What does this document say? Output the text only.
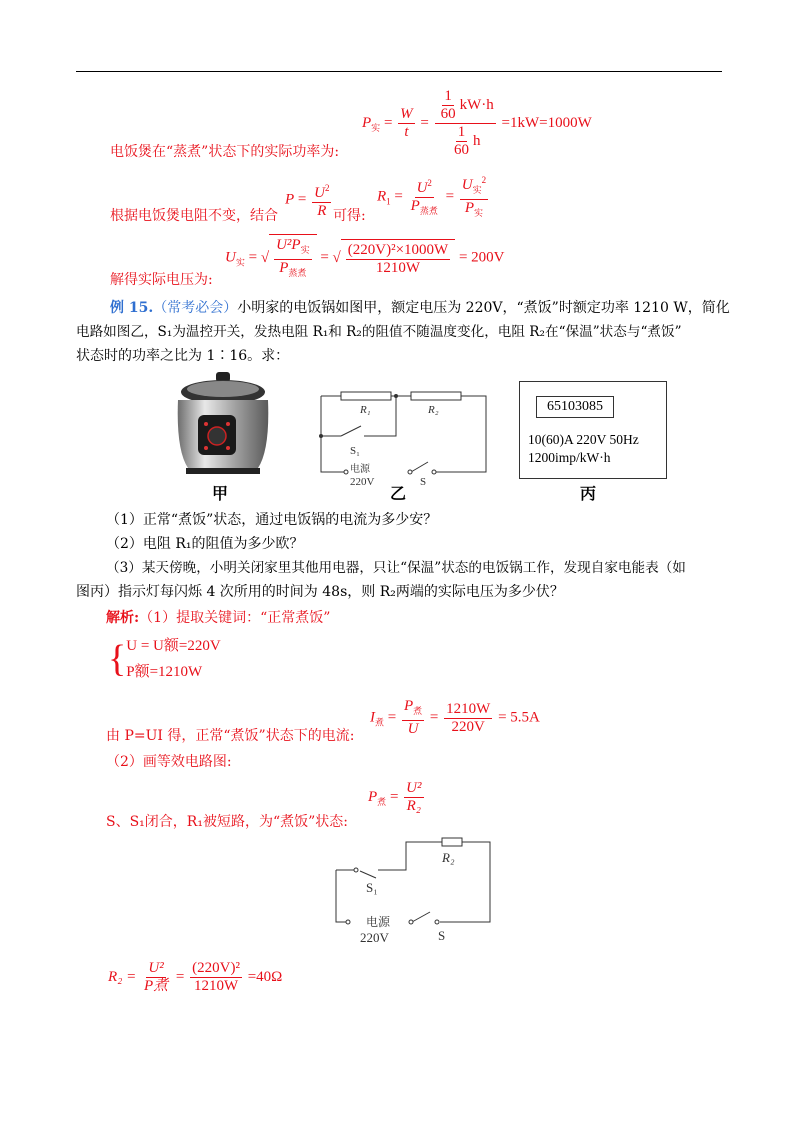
$P_实 = \frac{W}{t} = \frac{\frac{1}{60} kW\cdot h}{\frac{1}{60} h} =1kW=1000W$
电饭煲在“蒸煮”状态下的实际功率为:
根据电饭煲电阻不变，结合
$P = \frac{U^2}{R}$ 可得:
$R_1 = \frac{U^2}{P_{蒸煮}} = \frac{U_实^2}{P_实}$
$U_实$ = √ $\frac{U^2P_实}{P_{蒸煮}}$ = √ $\frac{\text{(220V)²×1000W}}{1210W} = 200V$
解得实际电压为:
例 15.（常考必会）小明家的电饭锅如图甲，额定电压为 220V，“煮饭”时额定功率 1210 W，简化
电路如图乙，S₁为温控开关，发热电阻 R₁和 R₂的阻值不随温度变化，电阻 R₂在“保温”状态与“煮饭”
状态时的功率之比为 1∶16。求：
甲
R₁	R₂
S₁
电源
220V	S
乙
65103085
10(60)A 220V 50Hz
1200imp/kW·h
丙
（1）正常“煮饭”状态，通过电饭锅的电流为多少安？
（2）电阻 R₁的阻值为多少欧？
（3）某天傍晚，小明关闭家里其他用电器，只让“保温”状态的电饭锅工作，发现自家电能表（如
图丙）指示灯每闪烁 4 次所用的时间为 48s，则 R₂两端的实际电压为多少伏？
解析:（1）提取关键词：“正常煮饭”
{ U = U额=220V
P额=1210W
$I_煮 = \frac{P_煮}{U} = \frac{1210W}{220V} = 5.5A$
由 P=UI 得，正常“煮饭”状态下的电流:
（2）画等效电路图:
$P_煮 = \frac{\text{U²}}{\text{R₂}}$
S、S₁闭合，R₁被短路，为“煮饭”状态:
R₂
S₁
电源
220V	S
$R_2 = \frac{\text{U²}}{\text{P煮}} = \frac{\text{(220V)²}}{1210W} =40\Omega$
